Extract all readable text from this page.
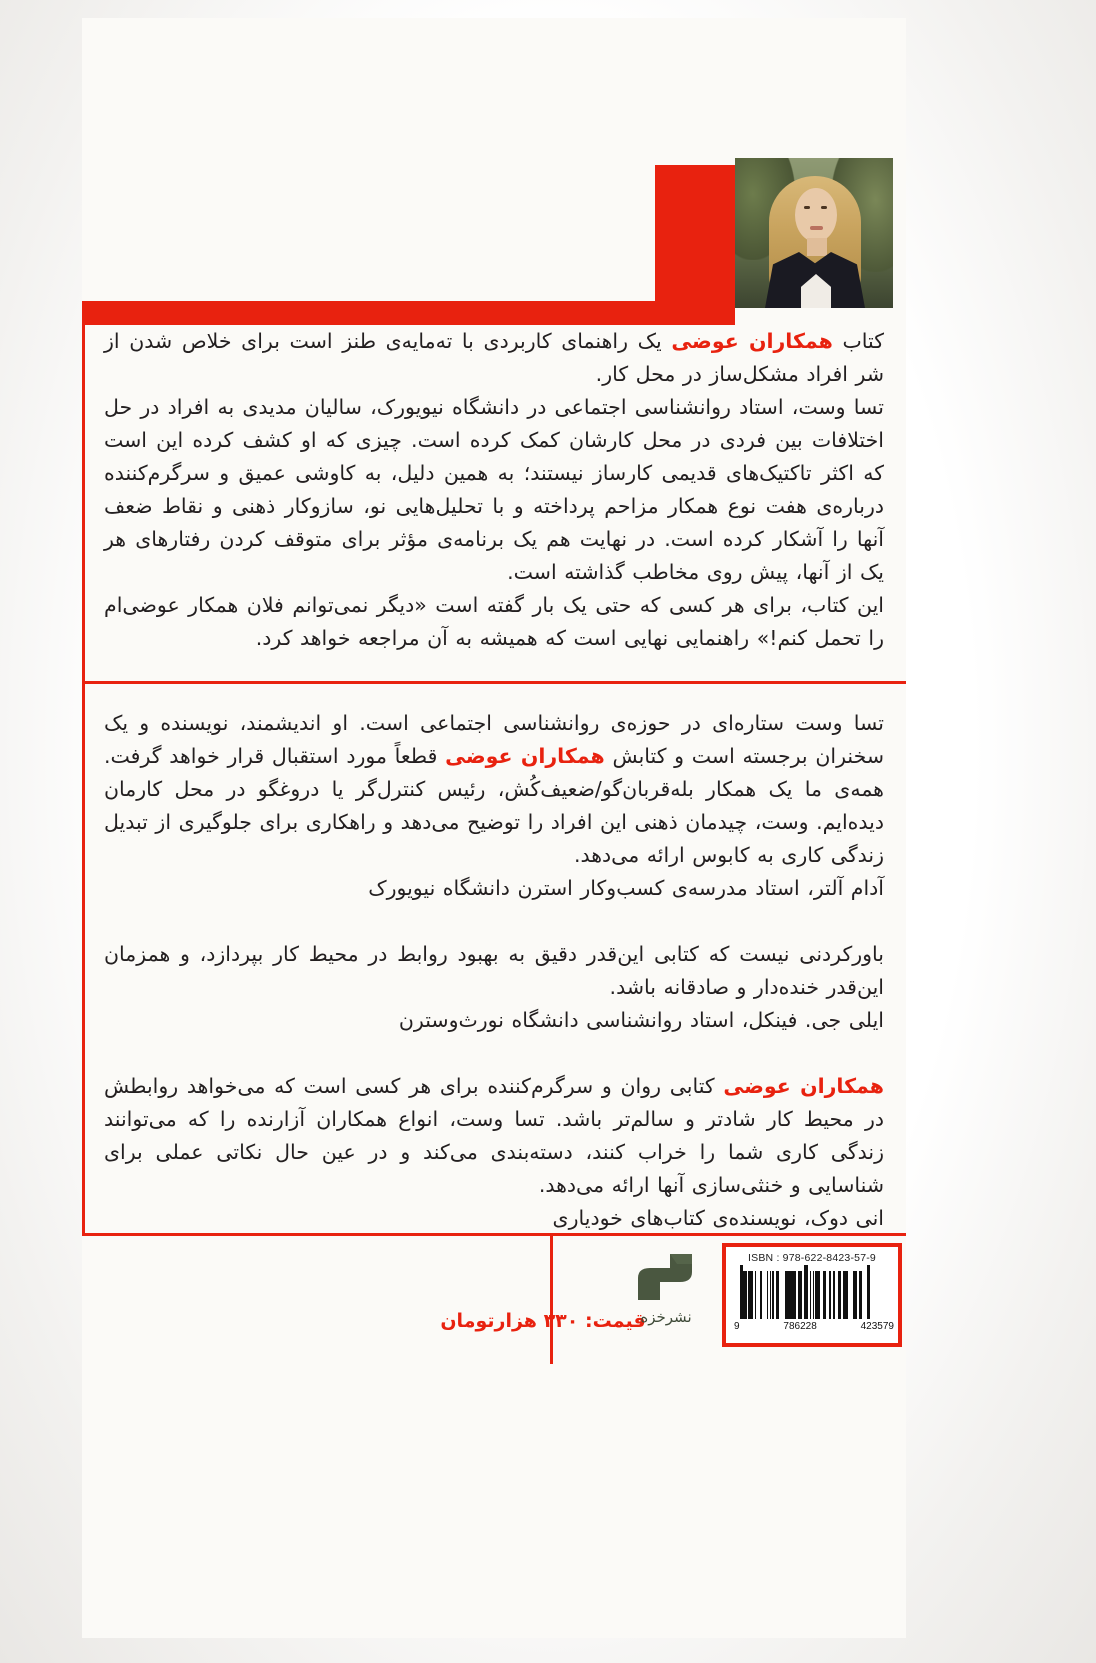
کتاب همکاران عوضی یک راهنمای کاربردی با ته‌مایه‌ی طنز است برای خلاص شدن از شر افراد مشکل‌ساز در محل کار.

تسا وست، استاد روانشناسی اجتماعی در دانشگاه نیویورک، سالیان مدیدی به افراد در حل اختلافات بین فردی در محل کارشان کمک کرده است. چیزی که او کشف کرده این است که اکثر تاکتیک‌های قدیمی کارساز نیستند؛ به همین دلیل، به کاوشی عمیق و سرگرم‌کننده درباره‌ی هفت نوع همکار مزاحم پرداخته و با تحلیل‌هایی نو، سازوکار ذهنی و نقاط ضعف آنها را آشکار کرده است. در نهایت هم یک برنامه‌ی مؤثر برای متوقف کردن رفتارهای هر یک از آنها، پیش روی مخاطب گذاشته است.

این کتاب، برای هر کسی که حتی یک بار گفته است «دیگر نمی‌توانم فلان همکار عوضی‌ام را تحمل کنم!» راهنمایی نهایی است که همیشه به آن مراجعه خواهد کرد.

تسا وست ستاره‌ای در حوزه‌ی روانشناسی اجتماعی است. او اندیشمند، نویسنده و یک سخنران برجسته است و کتابش همکاران عوضی قطعاً مورد استقبال قرار خواهد گرفت. همه‌ی ما یک همکار بله‌قربان‌گو/ضعیف‌کُش، رئیس کنترل‌گر یا دروغگو در محل کارمان دیده‌ایم. وست، چیدمان ذهنی این افراد را توضیح می‌دهد و راهکاری برای جلوگیری از تبدیل زندگی کاری به کابوس ارائه می‌دهد.

آدام آلتر، استاد مدرسه‌ی کسب‌وکار استرن دانشگاه نیویورک

باورکردنی نیست که کتابی این‌قدر دقیق به بهبود روابط در محیط کار بپردازد، و همزمان این‌قدر خنده‌دار و صادقانه باشد.

ایلی جی. فینکل، استاد روانشناسی دانشگاه نورث‌وسترن

همکاران عوضی کتابی روان و سرگرم‌کننده برای هر کسی است که می‌خواهد روابطش در محیط کار شادتر و سالم‌تر باشد. تسا وست، انواع همکاران آزارنده را که می‌توانند زندگی کاری شما را خراب کنند، دسته‌بندی می‌کند و در عین حال نکاتی عملی برای شناسایی و خنثی‌سازی آنها ارائه می‌دهد.

انی دوک، نویسنده‌ی کتاب‌های خودیاری

قیمت: ۳۳۰ هزارتومان
نشرخزه
ISBN : 978-622-8423-57-9
9	786228	423579
